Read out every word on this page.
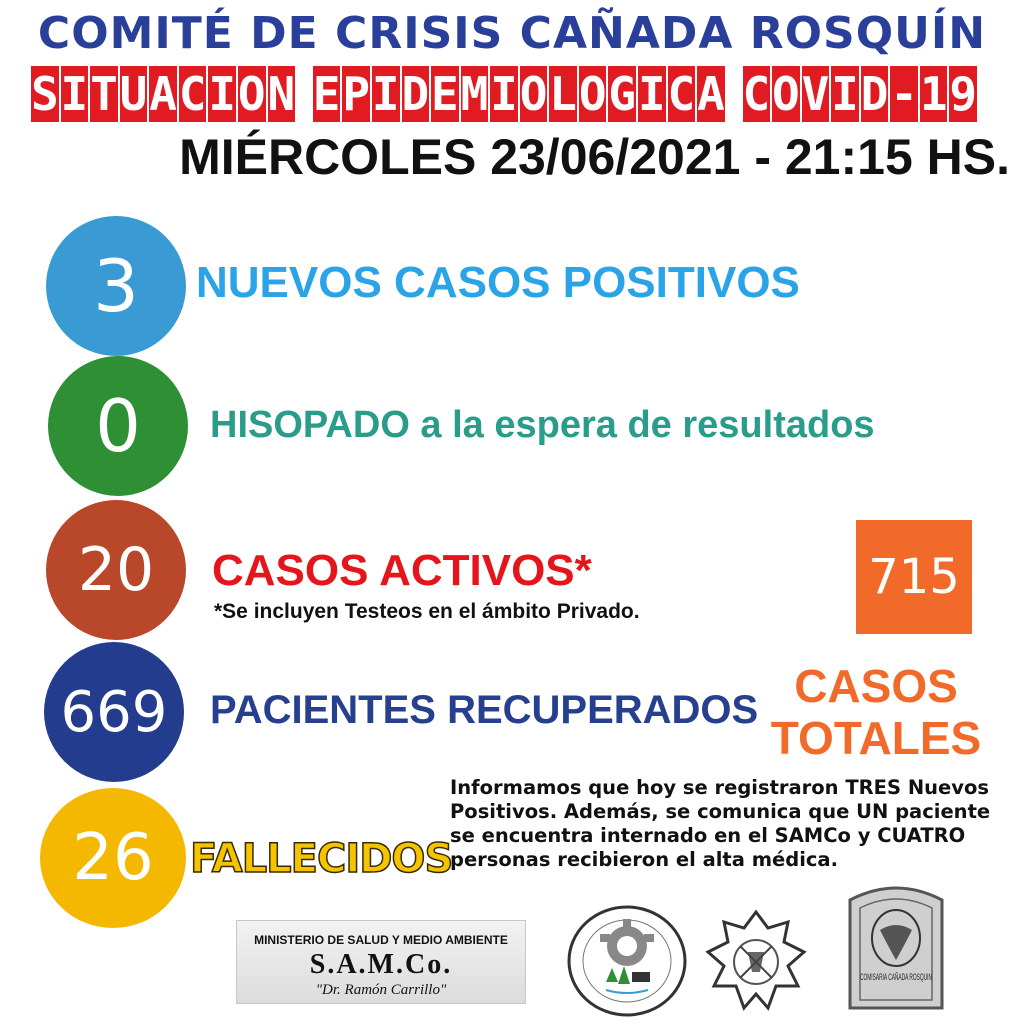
COMITÉ DE CRISIS CAÑADA ROSQUÍN
S I T U A C I O N E P I D E M I O L O G I C A C O V I D - 1 9
MIÉRCOLES 23/06/2021 - 21:15 HS.
3 NUEVOS CASOS POSITIVOS
0 HISOPADO a la espera de resultados
20 CASOS ACTIVOS*
*Se incluyen Testeos en el ámbito Privado.
669 PACIENTES RECUPERADOS
26 FALLECIDOS
715
CASOS
TOTALES
Informamos que hoy se registraron TRES Nuevos Positivos. Además, se comunica que UN paciente se encuentra internado en el SAMCo y CUATRO personas recibieron el alta médica.
MINISTERIO DE SALUD Y MEDIO AMBIENTE
S.A.M.Co.
"Dr. Ramón Carrillo"
COMISARIA CAÑADA ROSQUIN
